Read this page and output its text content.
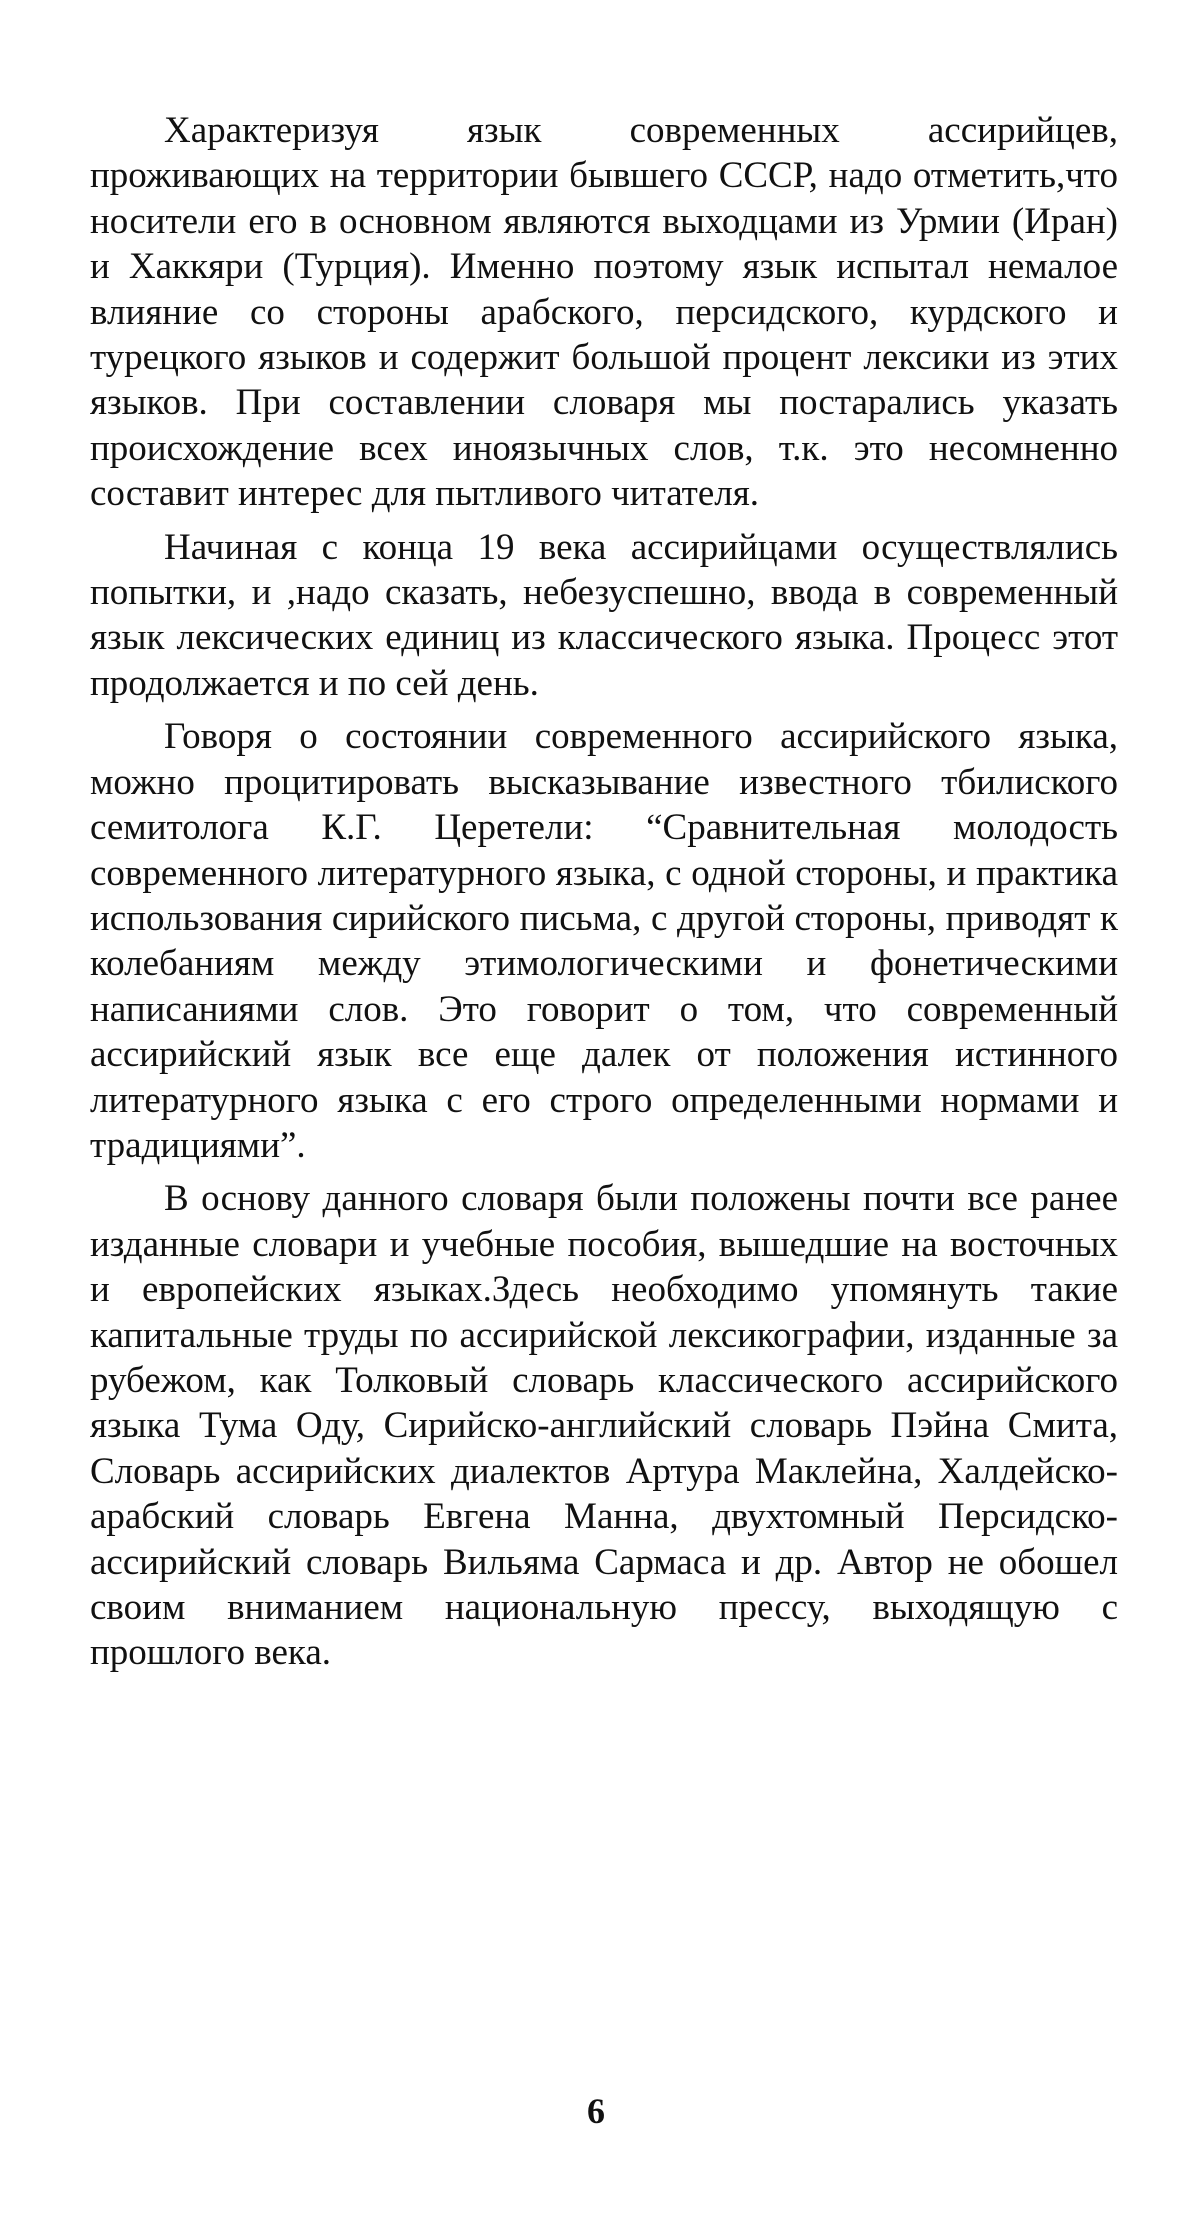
Характеризуя язык современных ассирийцев, проживающих на территории бывшего СССР, надо отметить,что носители его в основном являются выходцами из Урмии (Иран) и Хаккяри (Турция). Именно поэтому язык испытал немалое влияние со стороны арабского, персидского, курдского и турецкого языков и содержит большой процент лексики из этих языков. При составлении словаря мы постарались указать происхождение всех иноязычных слов, т.к. это несомненно составит интерес для пытливого читателя.

Начиная с конца 19 века ассирийцами осуществлялись попытки, и ,надо сказать, небезуспешно, ввода в современный язык лексических единиц из классического языка. Процесс этот продолжается и по сей день.

Говоря о состоянии современного ассирийского языка, можно процитировать высказывание известного тбилиского семитолога К.Г. Церетели: “Сравнительная молодость современного литературного языка, с одной стороны, и практика использования сирийского письма, с другой стороны, приводят к колебаниям между этимологическими и фонетическими написаниями слов. Это говорит о том, что современный ассирийский язык все еще далек от положения истинного литературного языка с его строго определенными нормами и традициями”.

В основу данного словаря были положены почти все ранее изданные словари и учебные пособия, вышедшие на восточных и европейских языках.Здесь необходимо упомянуть такие капитальные труды по ассирийской лексикографии, изданные за рубежом, как Толковый словарь классического ассирийского языка Тума Оду, Сирийско-английский словарь Пэйна Смита, Словарь ассирийских диалектов Артура Маклейна, Халдейско-арабский словарь Евгена Манна, двухтомный Персидско-ассирийский словарь Вильяма Сармаса и др. Автор не обошел своим вниманием национальную прессу, выходящую с прошлого века.

6
